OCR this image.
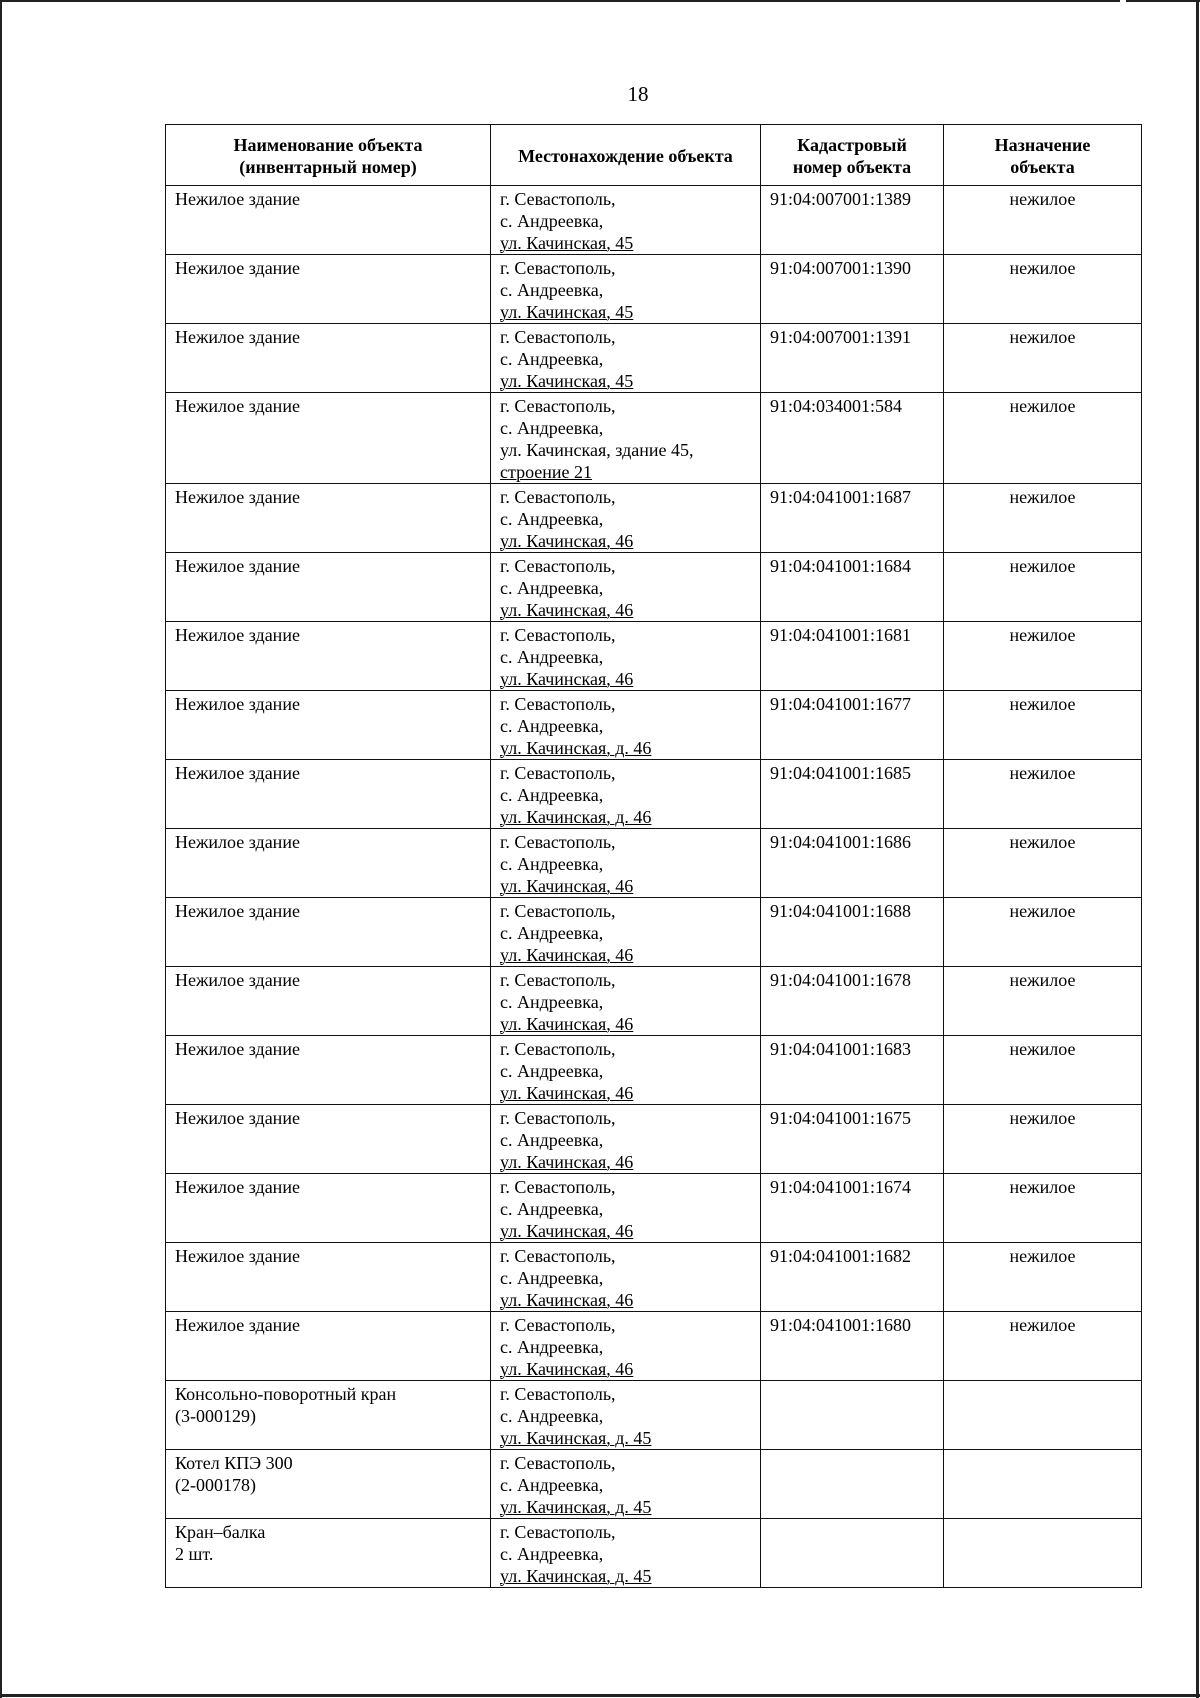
18
Наименование объекта
(инвентарный номер)	Местонахождение объекта	Кадастровый
номер объекта	Назначение
объекта

Нежилое здание	г. Севастополь,
с. Андреевка,
ул. Качинская, 45	91:04:007001:1389	нежилое

Нежилое здание	г. Севастополь,
с. Андреевка,
ул. Качинская, 45	91:04:007001:1390	нежилое

Нежилое здание	г. Севастополь,
с. Андреевка,
ул. Качинская, 45	91:04:007001:1391	нежилое

Нежилое здание	г. Севастополь,
с. Андреевка,
ул. Качинская, здание 45,
строение 21	91:04:034001:584	нежилое

Нежилое здание	г. Севастополь,
с. Андреевка,
ул. Качинская, 46	91:04:041001:1687	нежилое

Нежилое здание	г. Севастополь,
с. Андреевка,
ул. Качинская, 46	91:04:041001:1684	нежилое

Нежилое здание	г. Севастополь,
с. Андреевка,
ул. Качинская, 46	91:04:041001:1681	нежилое

Нежилое здание	г. Севастополь,
с. Андреевка,
ул. Качинская, д. 46	91:04:041001:1677	нежилое

Нежилое здание	г. Севастополь,
с. Андреевка,
ул. Качинская, д. 46	91:04:041001:1685	нежилое

Нежилое здание	г. Севастополь,
с. Андреевка,
ул. Качинская, 46	91:04:041001:1686	нежилое

Нежилое здание	г. Севастополь,
с. Андреевка,
ул. Качинская, 46	91:04:041001:1688	нежилое

Нежилое здание	г. Севастополь,
с. Андреевка,
ул. Качинская, 46	91:04:041001:1678	нежилое

Нежилое здание	г. Севастополь,
с. Андреевка,
ул. Качинская, 46	91:04:041001:1683	нежилое

Нежилое здание	г. Севастополь,
с. Андреевка,
ул. Качинская, 46	91:04:041001:1675	нежилое

Нежилое здание	г. Севастополь,
с. Андреевка,
ул. Качинская, 46	91:04:041001:1674	нежилое

Нежилое здание	г. Севастополь,
с. Андреевка,
ул. Качинская, 46	91:04:041001:1682	нежилое

Нежилое здание	г. Севастополь,
с. Андреевка,
ул. Качинская, 46	91:04:041001:1680	нежилое

Консольно-поворотный кран
(3-000129)	г. Севастополь,
с. Андреевка,
ул. Качинская, д. 45		

Котел КПЭ 300
(2-000178)	г. Севастополь,
с. Андреевка,
ул. Качинская, д. 45		

Кран–балка
2 шт.	г. Севастополь,
с. Андреевка,
ул. Качинская, д. 45		
